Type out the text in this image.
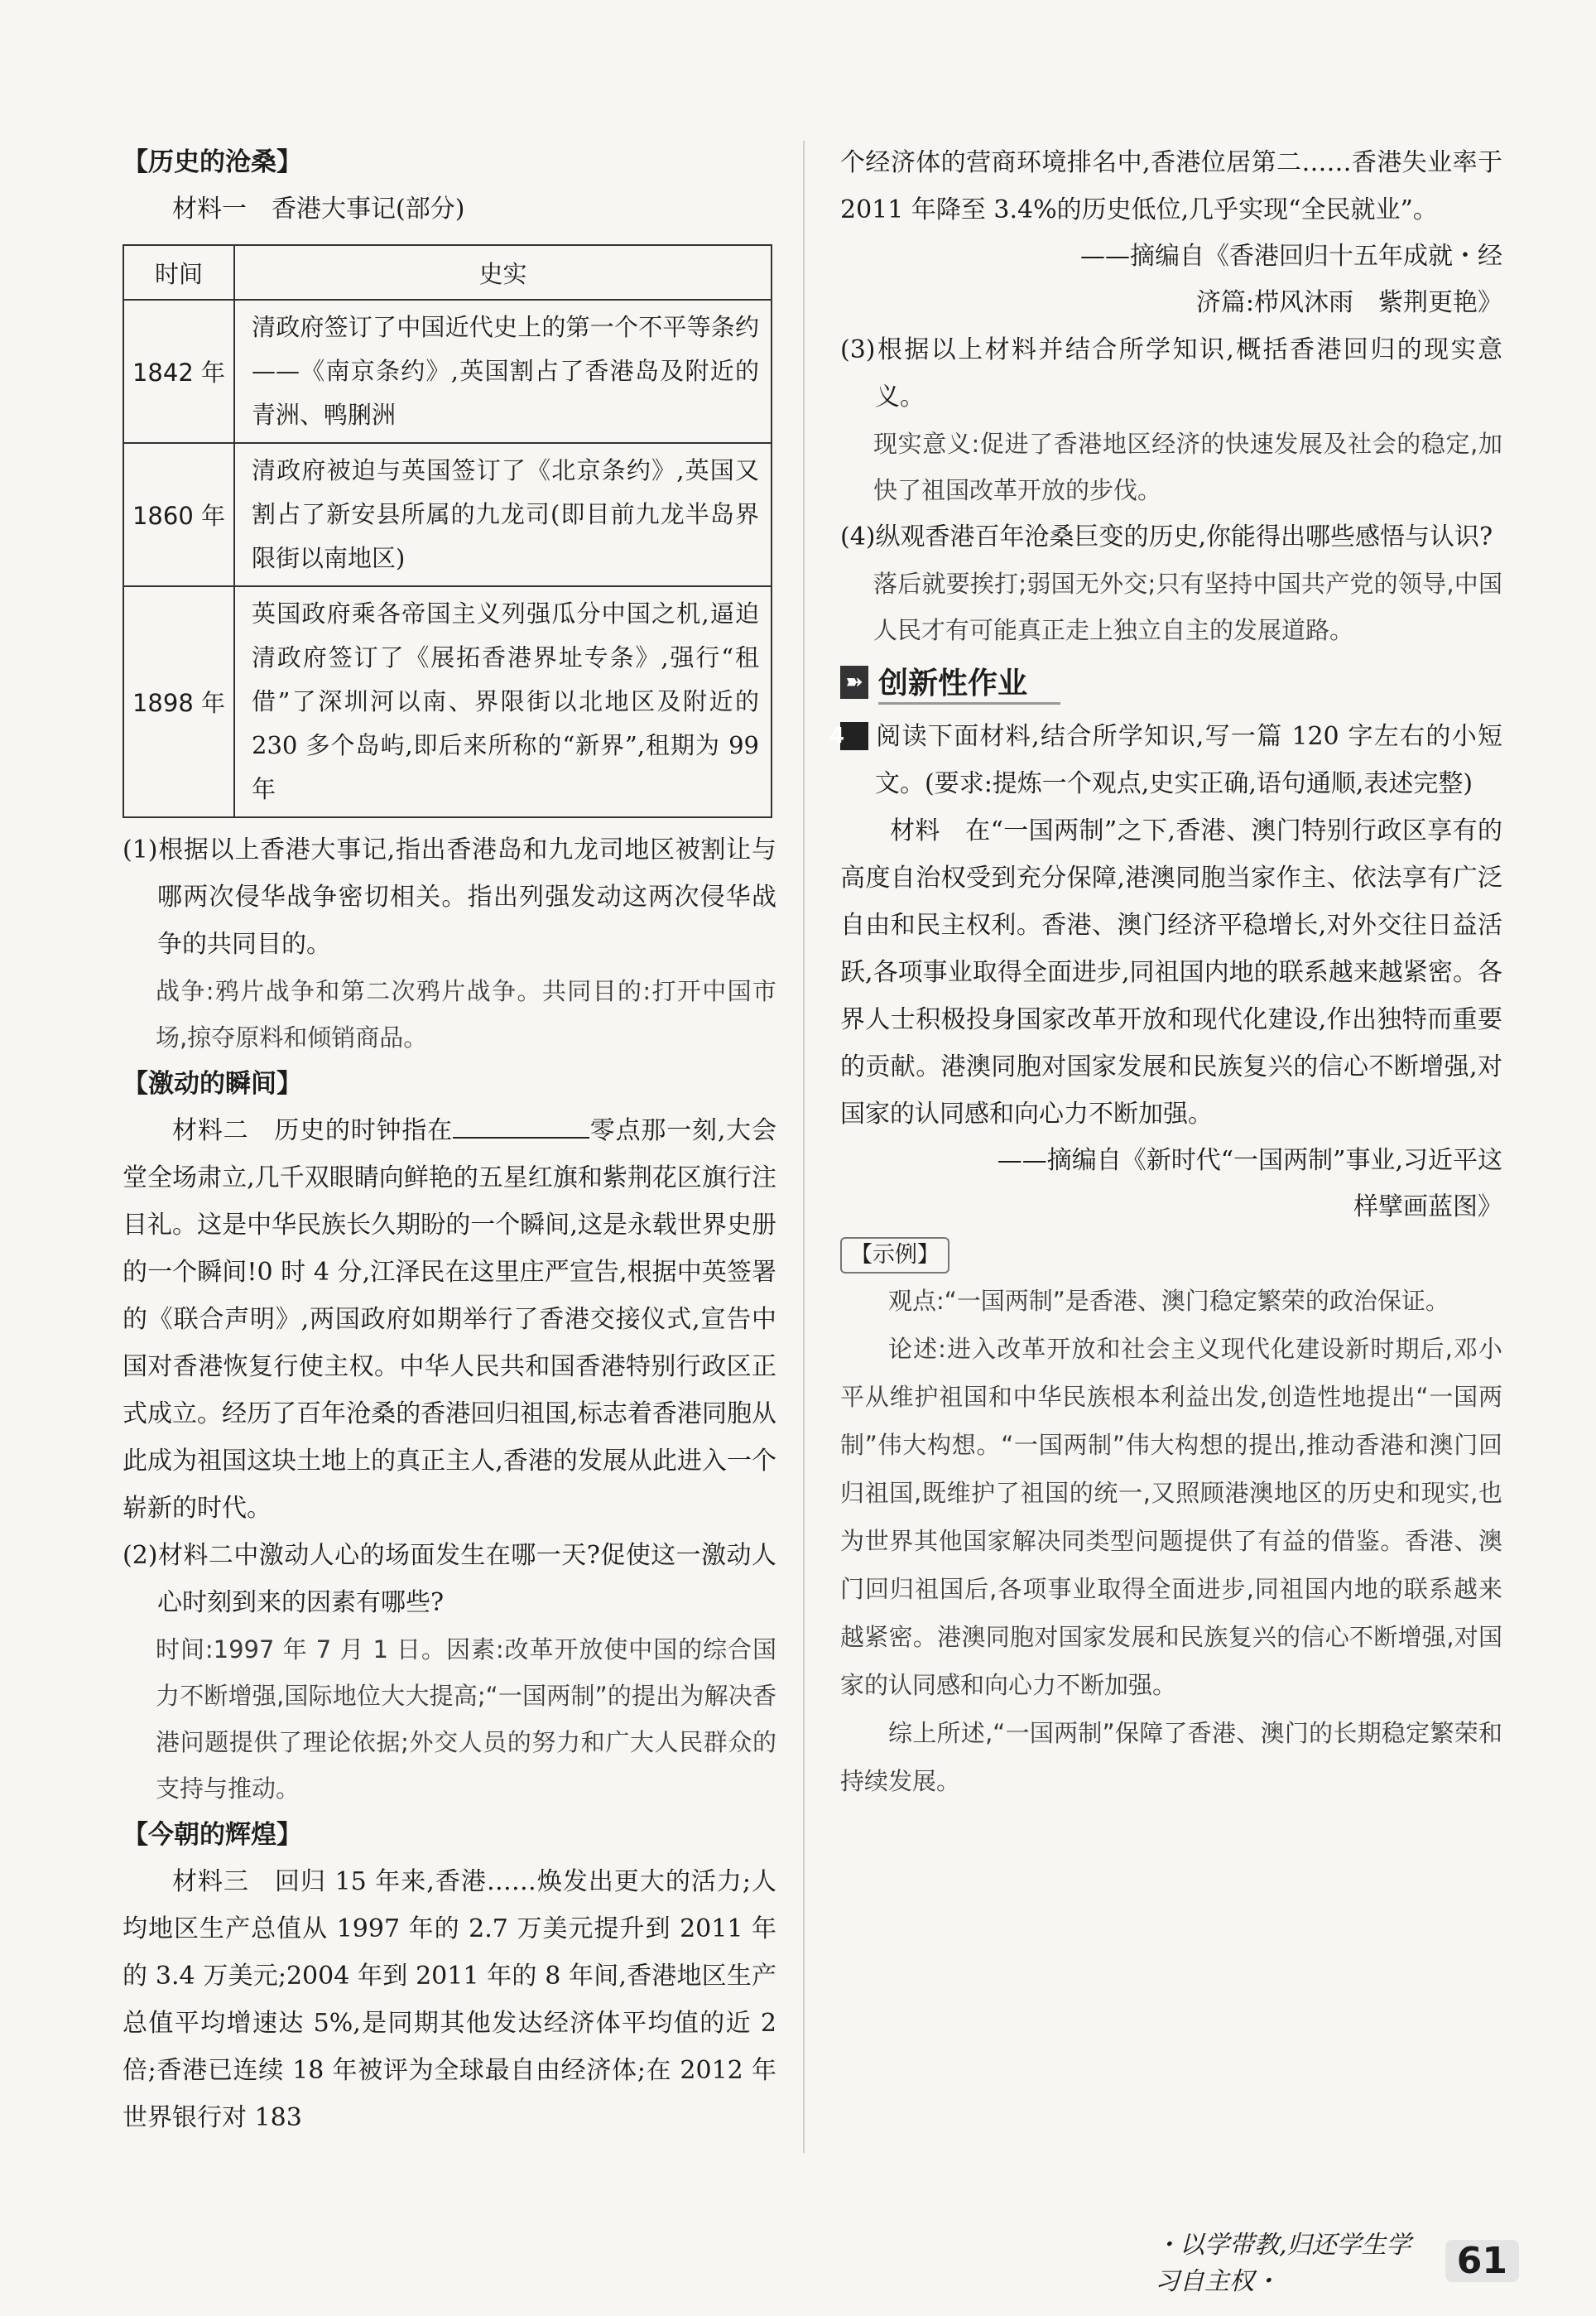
【历史的沧桑】

材料一　香港大事记(部分)

时间	史实
1842 年	清政府签订了中国近代史上的第一个不平等条约——《南京条约》,英国割占了香港岛及附近的青洲、鸭脷洲
1860 年	清政府被迫与英国签订了《北京条约》,英国又割占了新安县所属的九龙司(即目前九龙半岛界限街以南地区)
1898 年	英国政府乘各帝国主义列强瓜分中国之机,逼迫清政府签订了《展拓香港界址专条》,强行“租借”了深圳河以南、界限街以北地区及附近的 230 多个岛屿,即后来所称的“新界”,租期为 99 年

(1)根据以上香港大事记,指出香港岛和九龙司地区被割让与哪两次侵华战争密切相关。指出列强发动这两次侵华战争的共同目的。

战争:鸦片战争和第二次鸦片战争。共同目的:打开中国市场,掠夺原料和倾销商品。

【激动的瞬间】

材料二　历史的时钟指在	零点那一刻,大会堂全场肃立,几千双眼睛向鲜艳的五星红旗和紫荆花区旗行注目礼。这是中华民族长久期盼的一个瞬间,这是永载世界史册的一个瞬间!0 时 4 分,江泽民在这里庄严宣告,根据中英签署的《联合声明》,两国政府如期举行了香港交接仪式,宣告中国对香港恢复行使主权。中华人民共和国香港特别行政区正式成立。经历了百年沧桑的香港回归祖国,标志着香港同胞从此成为祖国这块土地上的真正主人,香港的发展从此进入一个崭新的时代。

(2)材料二中激动人心的场面发生在哪一天?促使这一激动人心时刻到来的因素有哪些?

时间:1997 年 7 月 1 日。因素:改革开放使中国的综合国力不断增强,国际地位大大提高;“一国两制”的提出为解决香港问题提供了理论依据;外交人员的努力和广大人民群众的支持与推动。

【今朝的辉煌】

材料三　回归 15 年来,香港……焕发出更大的活力;人均地区生产总值从 1997 年的 2.7 万美元提升到 2011 年的 3.4 万美元;2004 年到 2011 年的 8 年间,香港地区生产总值平均增速达 5%,是同期其他发达经济体平均值的近 2 倍;香港已连续 18 年被评为全球最自由经济体;在 2012 年世界银行对 183

个经济体的营商环境排名中,香港位居第二……香港失业率于 2011 年降至 3.4%的历史低位,几乎实现“全民就业”。

——摘编自《香港回归十五年成就・经

济篇:栉风沐雨　紫荆更艳》

(3)根据以上材料并结合所学知识,概括香港回归的现实意义。

现实意义:促进了香港地区经济的快速发展及社会的稳定,加快了祖国改革开放的步伐。

(4)纵观香港百年沧桑巨变的历史,你能得出哪些感悟与认识?

落后就要挨打;弱国无外交;只有坚持中国共产党的领导,中国人民才有可能真正走上独立自主的发展道路。

➽ 创新性作业

4 阅读下面材料,结合所学知识,写一篇 120 字左右的小短文。(要求:提炼一个观点,史实正确,语句通顺,表述完整)

材料　在“一国两制”之下,香港、澳门特别行政区享有的高度自治权受到充分保障,港澳同胞当家作主、依法享有广泛自由和民主权利。香港、澳门经济平稳增长,对外交往日益活跃,各项事业取得全面进步,同祖国内地的联系越来越紧密。各界人士积极投身国家改革开放和现代化建设,作出独特而重要的贡献。港澳同胞对国家发展和民族复兴的信心不断增强,对国家的认同感和向心力不断加强。

——摘编自《新时代“一国两制”事业,习近平这

样擘画蓝图》

【示例】

观点:“一国两制”是香港、澳门稳定繁荣的政治保证。

论述:进入改革开放和社会主义现代化建设新时期后,邓小平从维护祖国和中华民族根本利益出发,创造性地提出“一国两制”伟大构想。“一国两制”伟大构想的提出,推动香港和澳门回归祖国,既维护了祖国的统一,又照顾港澳地区的历史和现实,也为世界其他国家解决同类型问题提供了有益的借鉴。香港、澳门回归祖国后,各项事业取得全面进步,同祖国内地的联系越来越紧密。港澳同胞对国家发展和民族复兴的信心不断增强,对国家的认同感和向心力不断加强。

综上所述,“一国两制”保障了香港、澳门的长期稳定繁荣和持续发展。

・以学带教,归还学生学习自主权・	61
